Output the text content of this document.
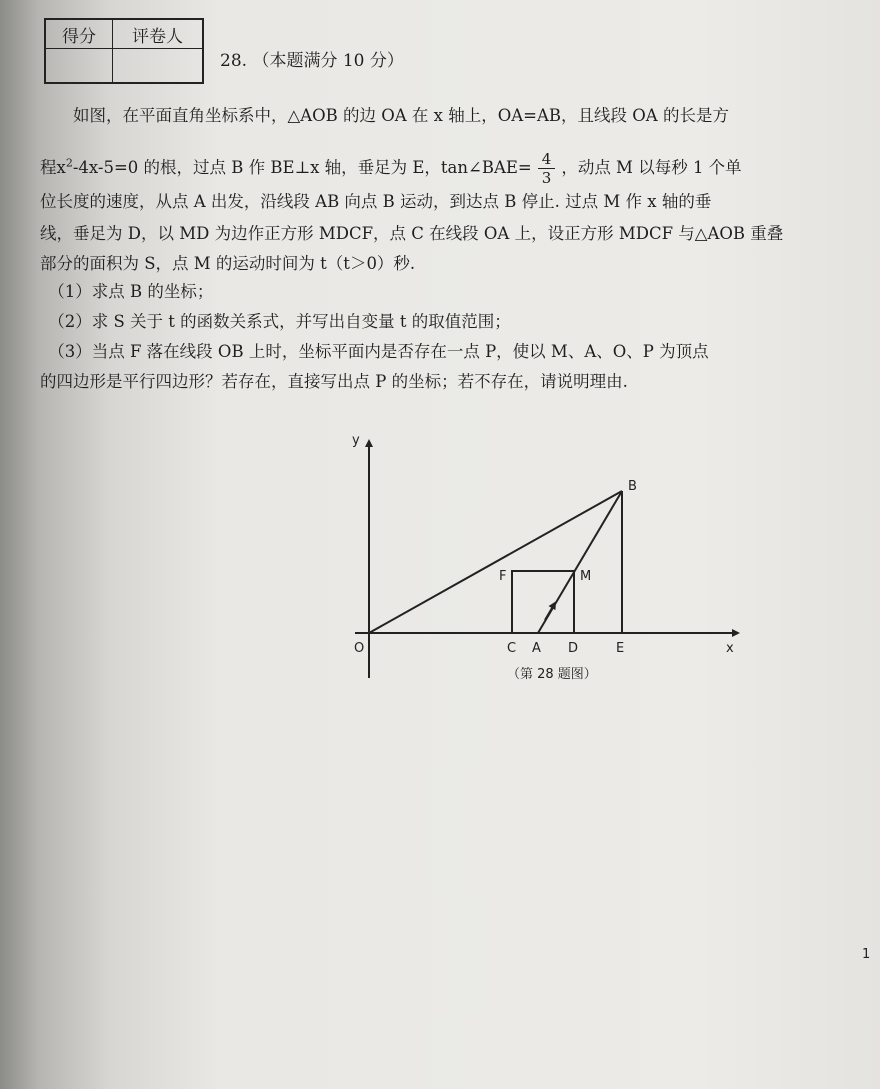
得分	评卷人

28. （本题满分 10 分）
　　如图，在平面直角坐标系中，△AOB 的边 OA 在 x 轴上，OA=AB，且线段 OA 的长是方
程$x^2-4x-5=0$ 的根，过点 B 作 BE⊥x 轴，垂足为 E，tan∠BAE= $\frac{4}{3}$ ，动点 M 以每秒 1 个单
位长度的速度，从点 A 出发，沿线段 AB 向点 B 运动，到达点 B 停止. 过点 M 作 x 轴的垂
线，垂足为 D，以 MD 为边作正方形 MDCF，点 C 在线段 OA 上，设正方形 MDCF 与△AOB 重叠
部分的面积为 S，点 M 的运动时间为 t（t＞0）秒.
　（1）求点 B 的坐标；
　（2）求 S 关于 t 的函数关系式，并写出自变量 t 的取值范围；
　（3）当点 F 落在线段 OB 上时，坐标平面内是否存在一点 P，使以 M、A、O、P 为顶点
的四边形是平行四边形？若存在，直接写出点 P 的坐标；若不存在，请说明理由.
y
x
O
B
F	M
C A D	E
（第 28 题图）
1
